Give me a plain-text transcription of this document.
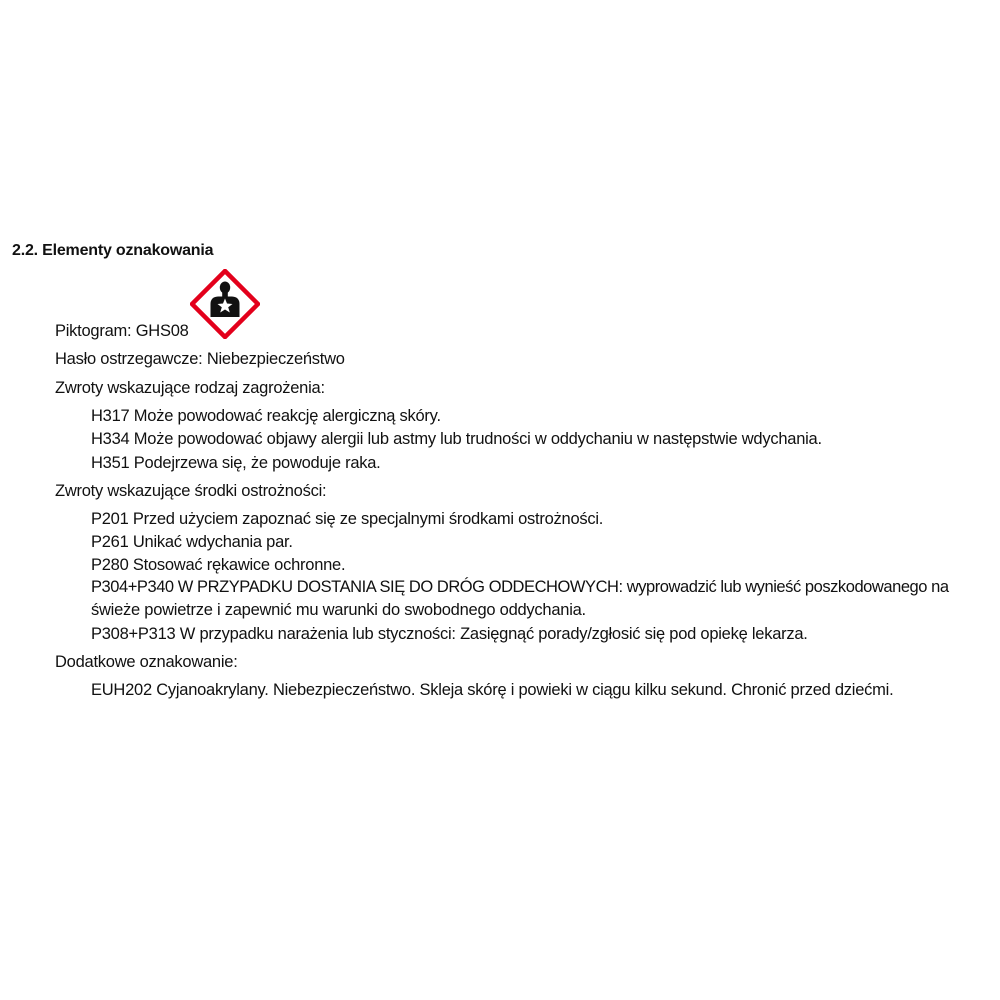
2.2. Elementy oznakowania
Piktogram: GHS08
Hasło ostrzegawcze: Niebezpieczeństwo
Zwroty wskazujące rodzaj zagrożenia:
H317 Może powodować reakcję alergiczną skóry.
H334 Może powodować objawy alergii lub astmy lub trudności w oddychaniu w następstwie wdychania.
H351 Podejrzewa się, że powoduje raka.
Zwroty wskazujące środki ostrożności:
P201 Przed użyciem zapoznać się ze specjalnymi środkami ostrożności.
P261 Unikać wdychania par.
P280 Stosować rękawice ochronne.
P304+P340 W PRZYPADKU DOSTANIA SIĘ DO DRÓG ODDECHOWYCH: wyprowadzić lub wynieść poszkodowanego na
świeże powietrze i zapewnić mu warunki do swobodnego oddychania.
P308+P313 W przypadku narażenia lub styczności: Zasięgnąć porady/zgłosić się pod opiekę lekarza.
Dodatkowe oznakowanie:
EUH202 Cyjanoakrylany. Niebezpieczeństwo. Skleja skórę i powieki w ciągu kilku sekund. Chronić przed dziećmi.
